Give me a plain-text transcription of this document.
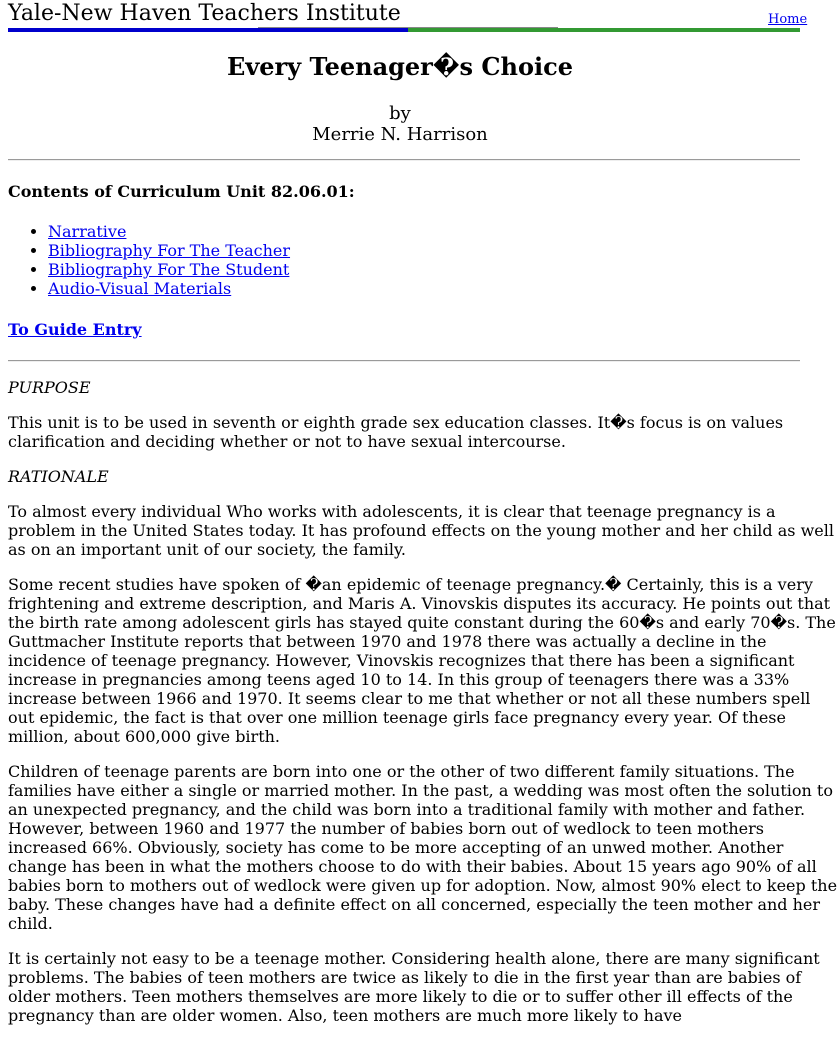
Yale-New Haven Teachers Institute	Home
Every Teenager�s Choice
by
Merrie N. Harrison
Contents of Curriculum Unit 82.06.01:
• Narrative
• Bibliography For The Teacher
• Bibliography For The Student
• Audio-Visual Materials
To Guide Entry

PURPOSE

This unit is to be used in seventh or eighth grade sex education classes. It�s focus is on values clarification and deciding whether or not to have sexual intercourse.

RATIONALE

To almost every individual Who works with adolescents, it is clear that teenage pregnancy is a problem in the United States today. It has profound effects on the young mother and her child as well as on an important unit of our society, the family.

Some recent studies have spoken of �an epidemic of teenage pregnancy.� Certainly, this is a very frightening and extreme description, and Maris A. Vinovskis disputes its accuracy. He points out that the birth rate among adolescent girls has stayed quite constant during the 60�s and early 70�s. The Guttmacher Institute reports that between 1970 and 1978 there was actually a decline in the incidence of teenage pregnancy. However, Vinovskis recognizes that there has been a significant increase in pregnancies among teens aged 10 to 14. In this group of teenagers there was a 33% increase between 1966 and 1970. It seems clear to me that whether or not all these numbers spell out epidemic, the fact is that over one million teenage girls face pregnancy every year. Of these million, about 600,000 give birth.

Children of teenage parents are born into one or the other of two different family situations. The families have either a single or married mother. In the past, a wedding was most often the solution to an unexpected pregnancy, and the child was born into a traditional family with mother and father. However, between 1960 and 1977 the number of babies born out of wedlock to teen mothers increased 66%. Obviously, society has come to be more accepting of an unwed mother. Another change has been in what the mothers choose to do with their babies. About 15 years ago 90% of all babies born to mothers out of wedlock were given up for adoption. Now, almost 90% elect to keep the baby. These changes have had a definite effect on all concerned, especially the teen mother and her child.

It is certainly not easy to be a teenage mother. Considering health alone, there are many significant problems. The babies of teen mothers are twice as likely to die in the first year than are babies of older mothers. Teen mothers themselves are more likely to die or to suffer other ill effects of the pregnancy than are older women. Also, teen mothers are much more likely to have
